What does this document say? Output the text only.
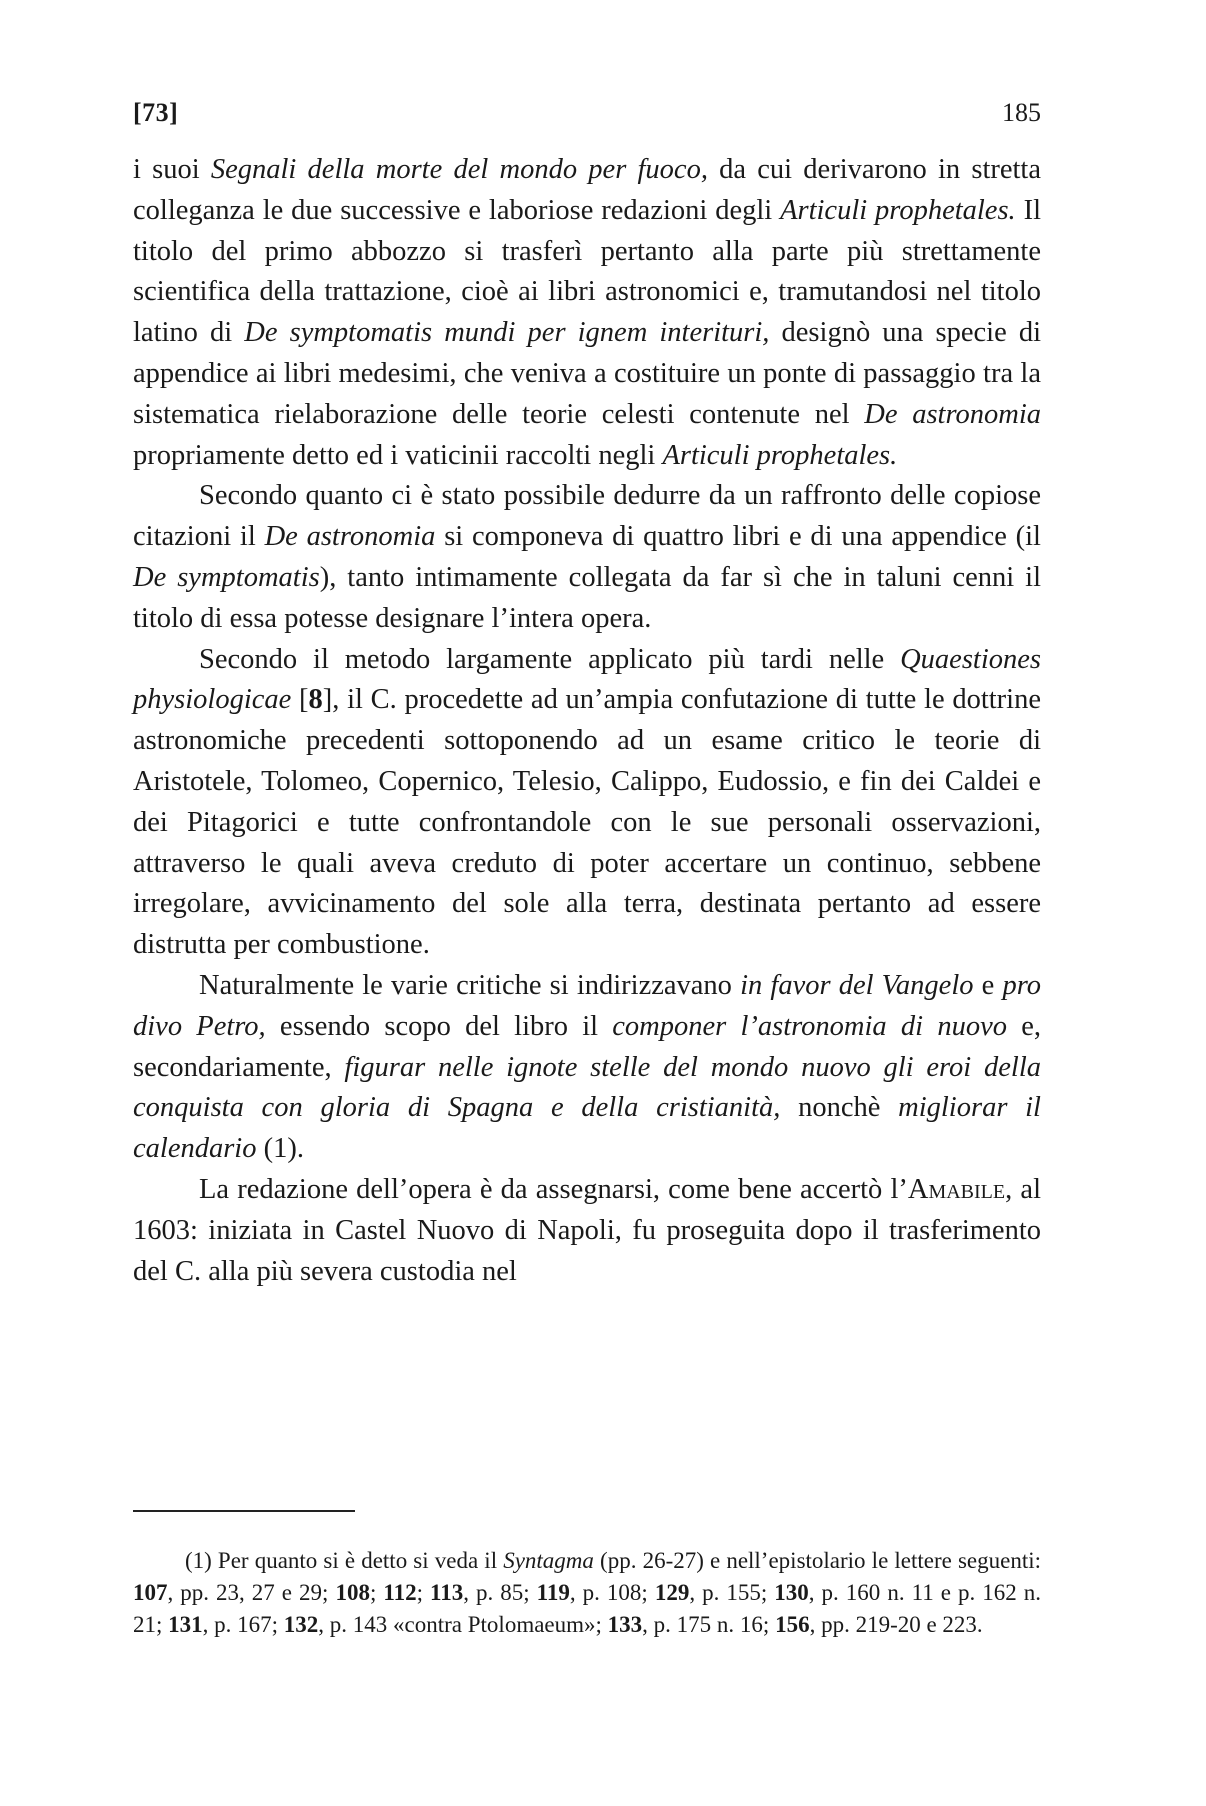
[73]	185

i suoi Segnali della morte del mondo per fuoco, da cui derivarono in stretta colleganza le due successive e laboriose redazioni degli Articuli prophetales. Il titolo del primo abbozzo si trasferì pertanto alla parte più strettamente scientifica della trattazione, cioè ai libri astronomici e, tramutandosi nel titolo latino di De symptomatis mundi per ignem interituri, designò una specie di appendice ai libri medesimi, che veniva a costituire un ponte di passaggio tra la sistematica rielaborazione delle teorie celesti contenute nel De astronomia propriamente detto ed i vaticinii raccolti negli Articuli prophetales.

Secondo quanto ci è stato possibile dedurre da un raffronto delle copiose citazioni il De astronomia si componeva di quattro libri e di una appendice (il De symptomatis), tanto intimamente collegata da far sì che in taluni cenni il titolo di essa potesse designare l’intera opera.

Secondo il metodo largamente applicato più tardi nelle Quaestiones physiologicae [8], il C. procedette ad un’ampia confutazione di tutte le dottrine astronomiche precedenti sottoponendo ad un esame critico le teorie di Aristotele, Tolomeo, Copernico, Telesio, Calippo, Eudossio, e fin dei Caldei e dei Pitagorici e tutte confrontandole con le sue personali osservazioni, attraverso le quali aveva creduto di poter accertare un continuo, sebbene irregolare, avvicinamento del sole alla terra, destinata pertanto ad essere distrutta per combustione.

Naturalmente le varie critiche si indirizzavano in favor del Vangelo e pro divo Petro, essendo scopo del libro il componer l’astronomia di nuovo e, secondariamente, figurar nelle ignote stelle del mondo nuovo gli eroi della conquista con gloria di Spagna e della cristianità, nonchè migliorar il calendario (1).

La redazione dell’opera è da assegnarsi, come bene accertò l’Amabile, al 1603: iniziata in Castel Nuovo di Napoli, fu proseguita dopo il trasferimento del C. alla più severa custodia nel

(1) Per quanto si è detto si veda il Syntagma (pp. 26-27) e nell’epistolario le lettere seguenti: 107, pp. 23, 27 e 29; 108; 112; 113, p. 85; 119, p. 108; 129, p. 155; 130, p. 160 n. 11 e p. 162 n. 21; 131, p. 167; 132, p. 143 «contra Ptolomaeum»; 133, p. 175 n. 16; 156, pp. 219-20 e 223.
